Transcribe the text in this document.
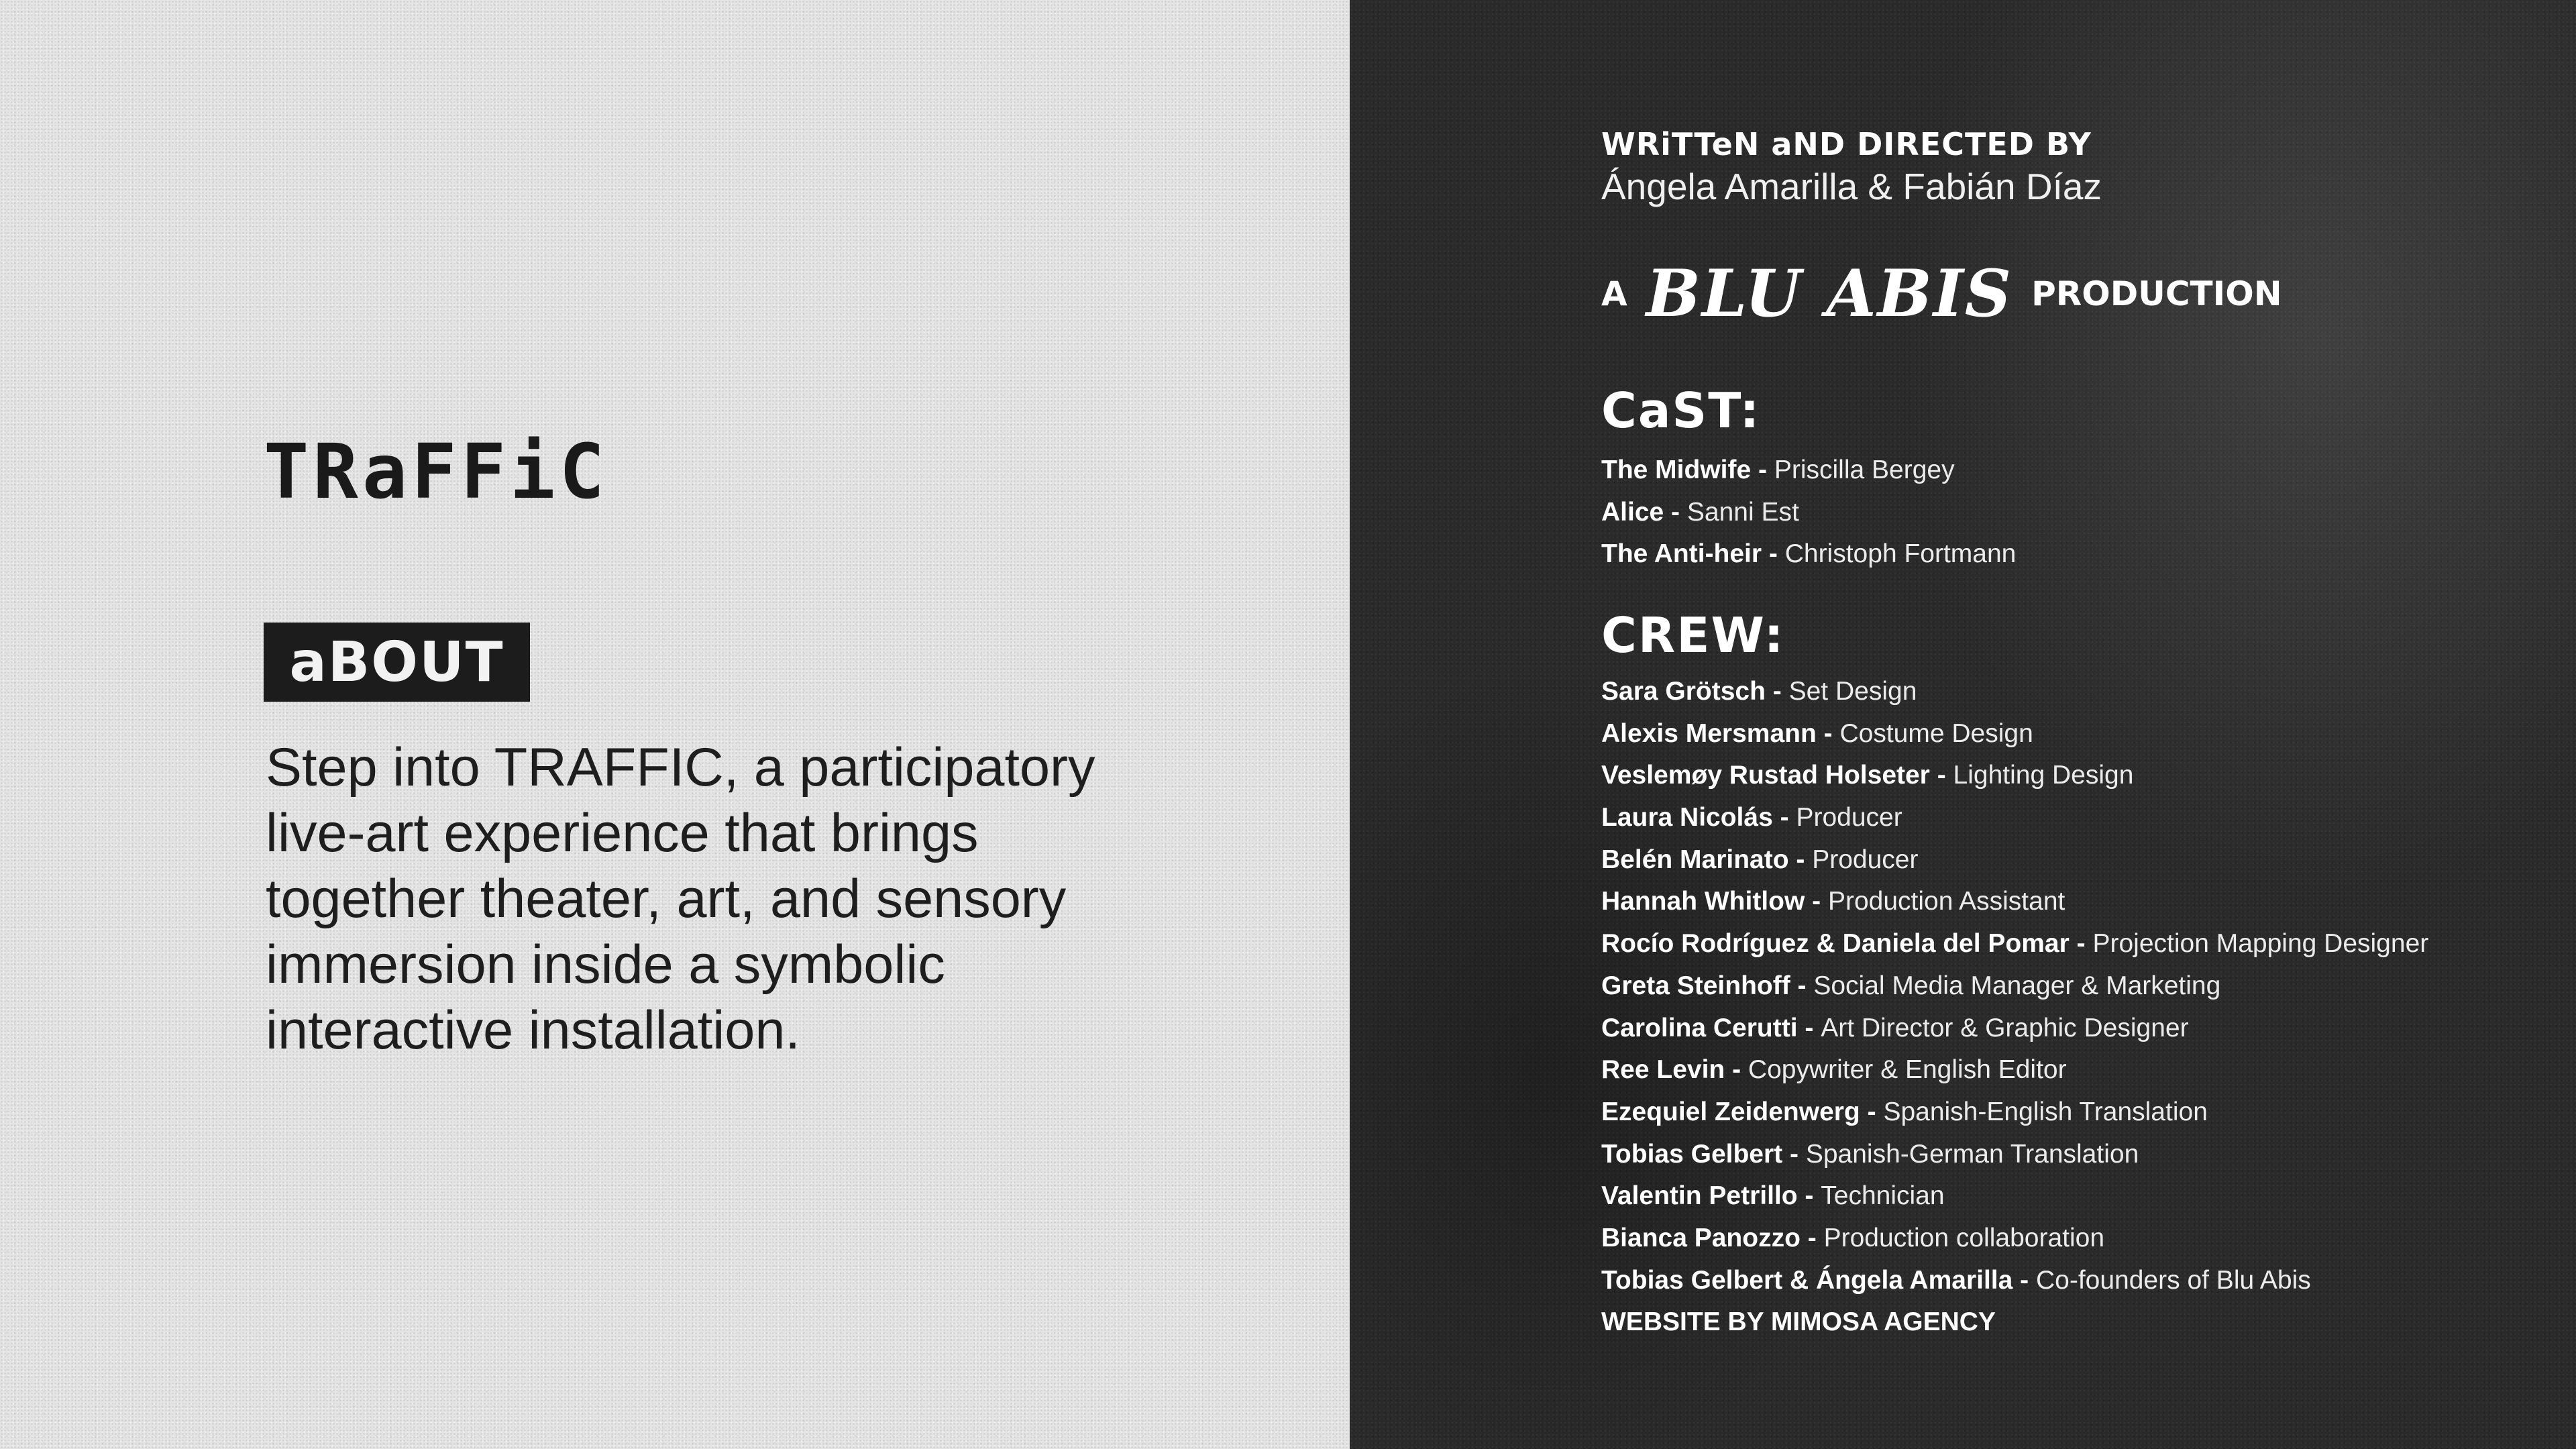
TRaFFiC
aBOUT
Step into TRAFFIC, a participatory live-art experience that brings together theater, art, and sensory immersion inside a symbolic interactive installation.
WRiTTeN aND DIRECTED BY
Ángela Amarilla & Fabián Díaz
A BLU ABIS PRODUCTION
CaST:
The Midwife - Priscilla Bergey
Alice - Sanni Est
The Anti-heir - Christoph Fortmann
CREW:
Sara Grötsch - Set Design
Alexis Mersmann - Costume Design
Veslemøy Rustad Holseter - Lighting Design
Laura Nicolás - Producer
Belén Marinato - Producer
Hannah Whitlow - Production Assistant
Rocío Rodríguez & Daniela del Pomar - Projection Mapping Designer
Greta Steinhoff - Social Media Manager & Marketing
Carolina Cerutti - Art Director & Graphic Designer
Ree Levin - Copywriter & English Editor
Ezequiel Zeidenwerg - Spanish-English Translation
Tobias Gelbert - Spanish-German Translation
Valentin Petrillo - Technician
Bianca Panozzo - Production collaboration
Tobias Gelbert & Ángela Amarilla - Co-founders of Blu Abis
WEBSITE BY MIMOSA AGENCY
